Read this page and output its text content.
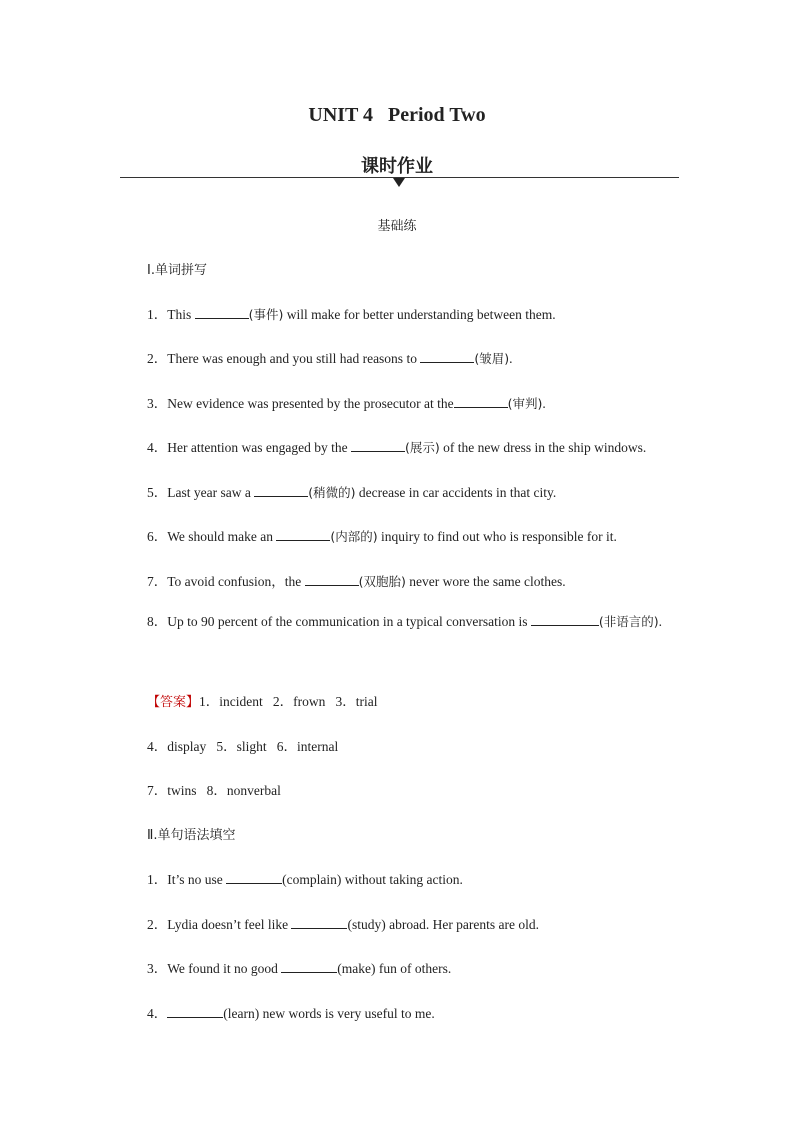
UNIT 4   Period Two
课时作业
基础练
Ⅰ.单词拼写
1．This	(事件) will make for better understanding between them.
2．There was enough and you still had reasons to	(皱眉).
3．New evidence was presented by the prosecutor at the	(审判).
4．Her attention was engaged by the	(展示) of the new dress in the ship windows.
5．Last year saw a	(稍微的) decrease in car accidents in that city.
6．We should make an	(内部的) inquiry to find out who is responsible for it.
7．To avoid confusion，the	(双胞胎) never wore the same clothes.
8．Up to 90 percent of the communication in a typical conversation is	(非语言的).
【答案】1．incident   2．frown   3．trial
4．display   5．slight   6．internal
7．twins   8．nonverbal
Ⅱ.单句语法填空
1．It’s no use	(complain) without taking action.
2．Lydia doesn’t feel like	(study) abroad. Her parents are old.
3．We found it no good	(make) fun of others.
4．	(learn) new words is very useful to me.
